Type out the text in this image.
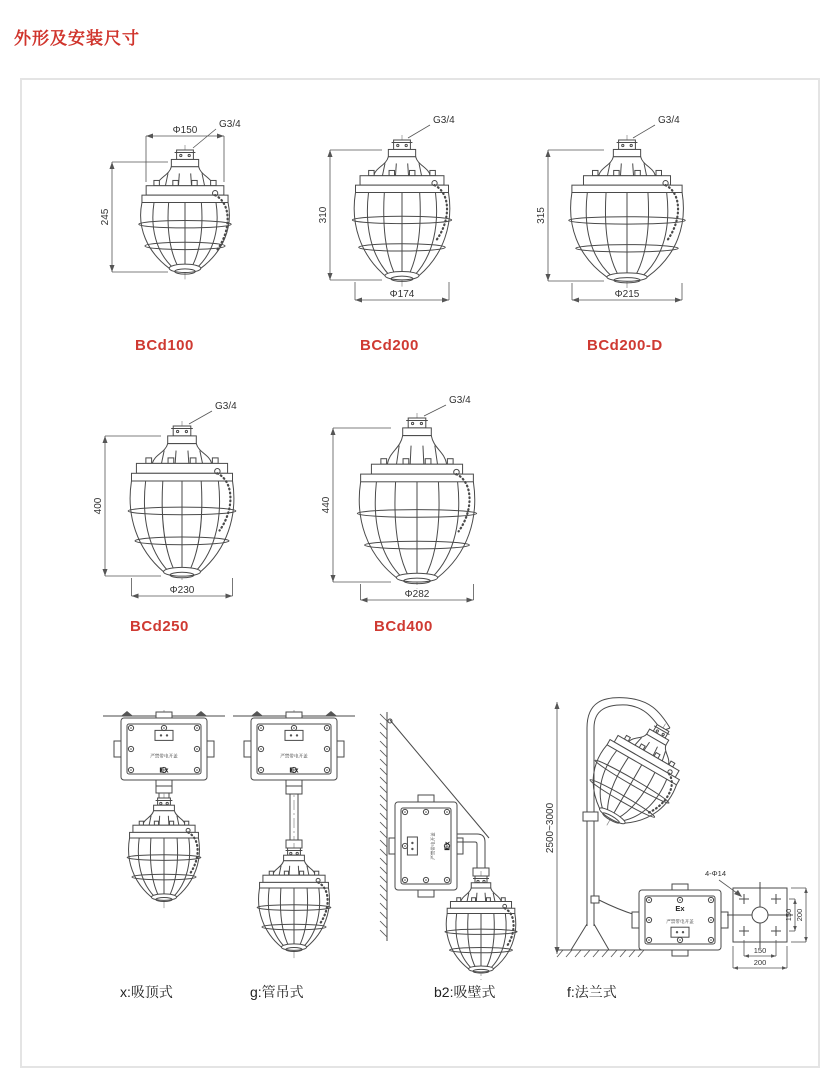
外形及安装尺寸
Φ150
G3/4
245
G3/4
310
Φ174
G3/4
315
Φ215
BCd100	BCd200	BCd200-D
G3/4
400
Φ230
G3/4
440
Φ282
BCd250	BCd400
严禁带电开盖
Ex
严禁带电开盖
Ex
严禁带电开盖 Ex	2500~3000
Ex
严禁带电开盖
4-Φ14
150
200
150 200
x:吸顶式	g:管吊式	b2:吸壁式	f:法兰式
